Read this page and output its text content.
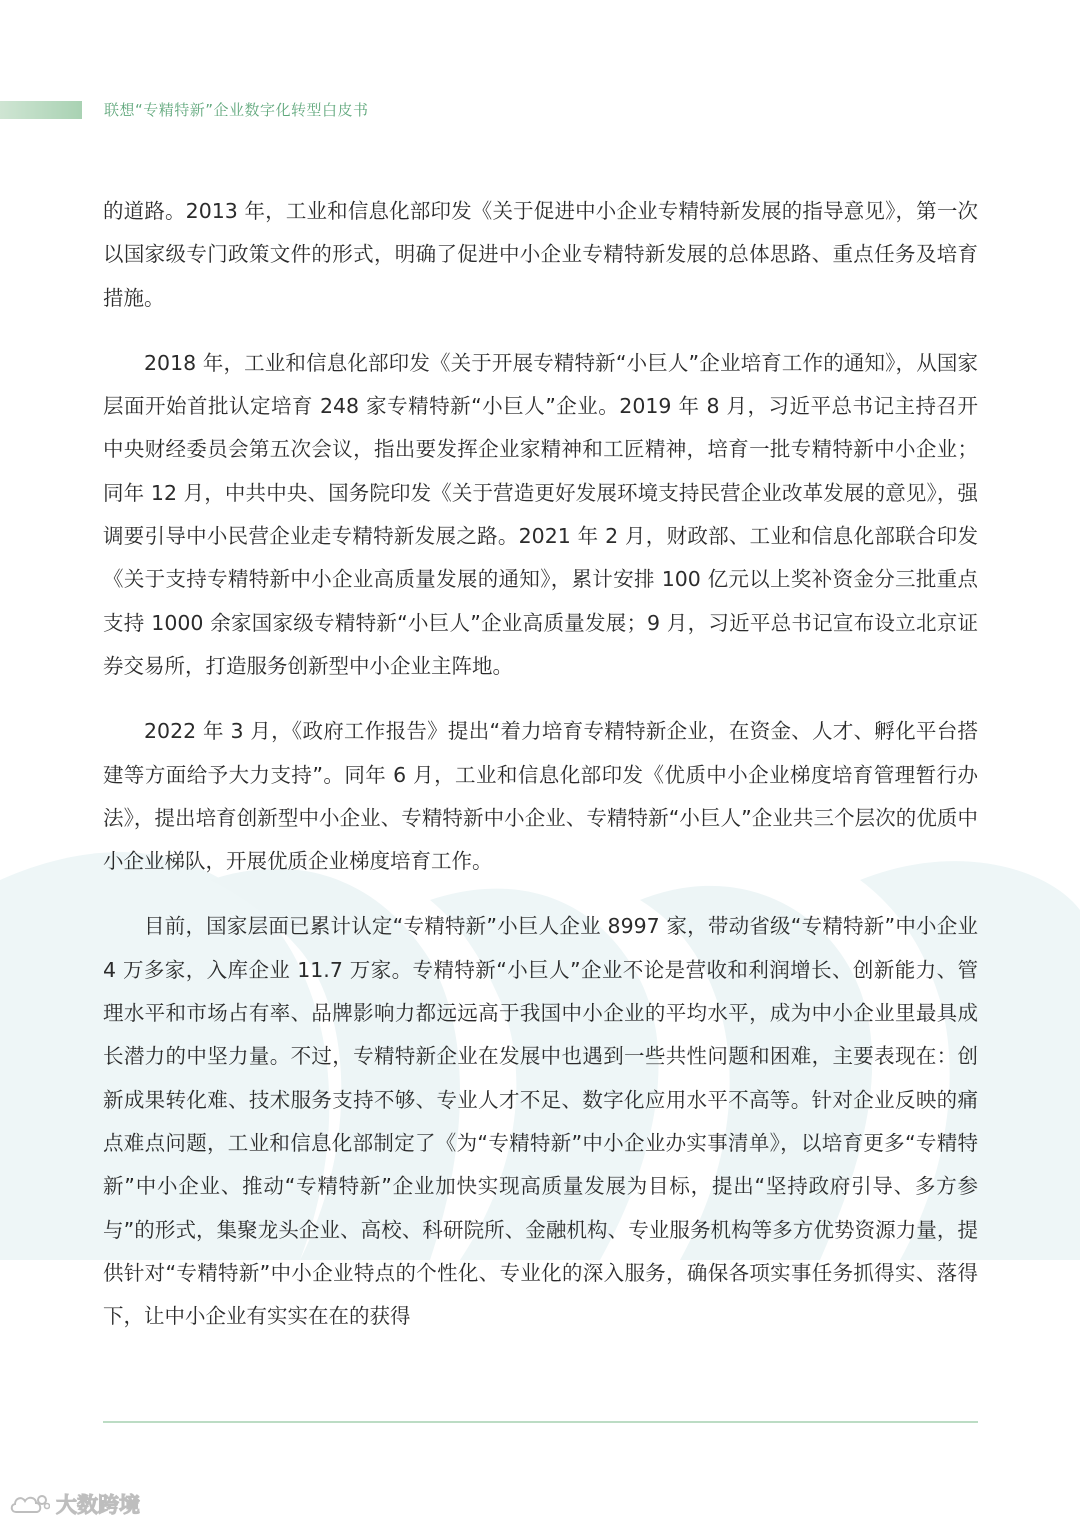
联想“专精特新”企业数字化转型白皮书

的道路。2013 年，工业和信息化部印发《关于促进中小企业专精特新发展的指导意见》，第一次以国家级专门政策文件的形式，明确了促进中小企业专精特新发展的总体思路、重点任务及培育措施。

2018 年，工业和信息化部印发《关于开展专精特新“小巨人”企业培育工作的通知》，从国家层面开始首批认定培育 248 家专精特新“小巨人”企业。2019 年 8 月，习近平总书记主持召开中央财经委员会第五次会议，指出要发挥企业家精神和工匠精神，培育一批专精特新中小企业；同年 12 月，中共中央、国务院印发《关于营造更好发展环境支持民营企业改革发展的意见》，强调要引导中小民营企业走专精特新发展之路。2021 年 2 月，财政部、工业和信息化部联合印发《关于支持专精特新中小企业高质量发展的通知》，累计安排 100 亿元以上奖补资金分三批重点支持 1000 余家国家级专精特新“小巨人”企业高质量发展；9 月，习近平总书记宣布设立北京证券交易所，打造服务创新型中小企业主阵地。

2022 年 3 月，《政府工作报告》提出“着力培育专精特新企业，在资金、人才、孵化平台搭建等方面给予大力支持”。同年 6 月，工业和信息化部印发《优质中小企业梯度培育管理暂行办法》，提出培育创新型中小企业、专精特新中小企业、专精特新“小巨人”企业共三个层次的优质中小企业梯队，开展优质企业梯度培育工作。

目前，国家层面已累计认定“专精特新”小巨人企业 8997 家，带动省级“专精特新”中小企业 4 万多家，入库企业 11.7 万家。专精特新“小巨人”企业不论是营收和利润增长、创新能力、管理水平和市场占有率、品牌影响力都远远高于我国中小企业的平均水平，成为中小企业里最具成长潜力的中坚力量。不过，专精特新企业在发展中也遇到一些共性问题和困难，主要表现在：创新成果转化难、技术服务支持不够、专业人才不足、数字化应用水平不高等。针对企业反映的痛点难点问题，工业和信息化部制定了《为“专精特新”中小企业办实事清单》，以培育更多“专精特新”中小企业、推动“专精特新”企业加快实现高质量发展为目标，提出“坚持政府引导、多方参与”的形式，集聚龙头企业、高校、科研院所、金融机构、专业服务机构等多方优势资源力量，提供针对“专精特新”中小企业特点的个性化、专业化的深入服务，确保各项实事任务抓得实、落得下，让中小企业有实实在在的获得

大数跨境
